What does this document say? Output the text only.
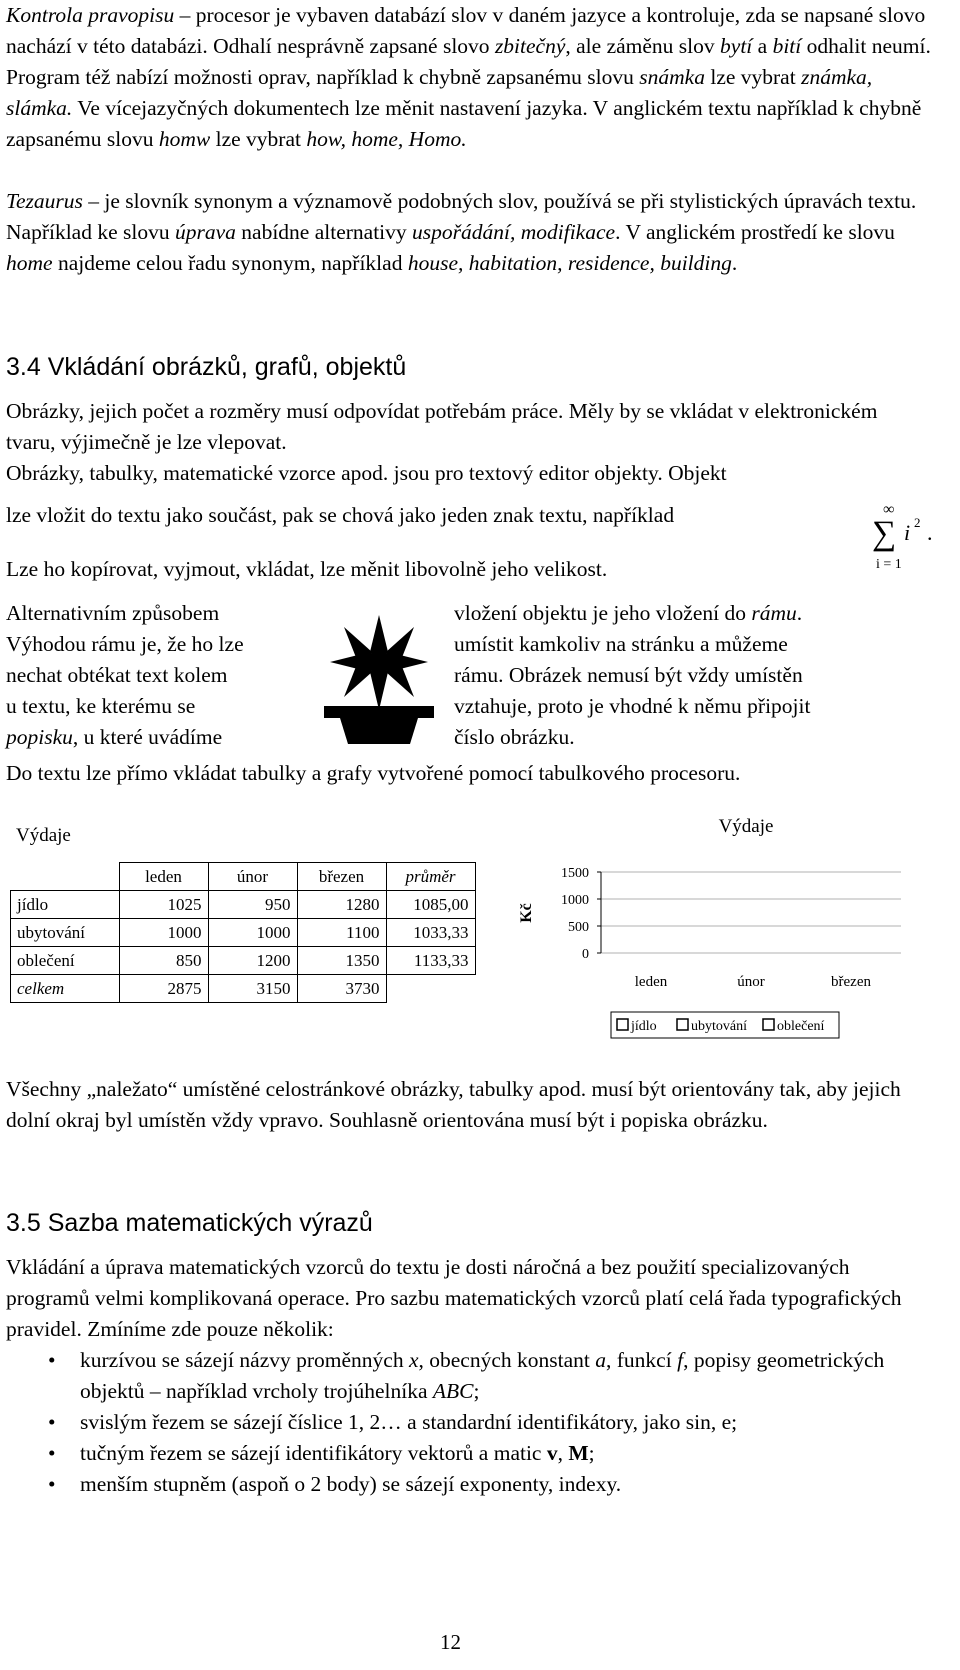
Kontrola pravopisu – procesor je vybaven databází slov v daném jazyce a kontroluje, zda se napsané slovo nachází v této databázi. Odhalí nesprávně zapsané slovo zbitečný, ale záměnu slov bytí a bití odhalit neumí. Program též nabízí možnosti oprav, například k chybně zapsanému slovu snámka lze vybrat známka, slámka. Ve vícejazyčných dokumentech lze měnit nastavení jazyka. V anglickém textu například k chybně zapsanému slovu homw lze vybrat how, home, Homo.

Tezaurus – je slovník synonym a významově podobných slov, používá se při stylistických úpravách textu. Například ke slovu úprava nabídne alternativy uspořádání, modifikace. V anglickém prostředí ke slovu home najdeme celou řadu synonym, například house, habitation, residence, building.

3.4 Vkládání obrázků, grafů, objektů

Obrázky, jejich počet a rozměry musí odpovídat potřebám práce. Měly by se vkládat v elektronickém tvaru, výjimečně je lze vlepovat.

Obrázky, tabulky, matematické vzorce apod. jsou pro textový editor objekty. Objekt

lze vložit do textu jako součást, pak se chová jako jeden znak textu, například	∞
∑ i 2 .
i = 1

Lze ho kopírovat, vyjmout, vkládat, lze měnit libovolně jeho velikost.

Alternativním způsobem

Výhodou rámu je, že ho lze

nechat obtékat text kolem

u textu, ke kterému se

popisku, u které uvádíme

vložení objektu je jeho vložení do rámu.

umístit kamkoliv na stránku a můžeme

rámu. Obrázek nemusí být vždy umístěn

vztahuje, proto je vhodné k němu připojit

číslo obrázku.

Do textu lze přímo vkládat tabulky a grafy vytvořené pomocí tabulkového procesoru.

Výdaje
	leden	únor	březen	průměr
jídlo	1025	950	1280	1085,00
ubytování	1000	1000	1100	1033,33
oblečení	850	1200	1350	1133,33
celkem	2875	3150	3730	
Výdaje
1500
1000
500
0
Kč
leden	únor	březen
jídlo ubytování oblečení

Všechny „naležato“ umístěné celostránkové obrázky, tabulky apod. musí být orientovány tak, aby jejich dolní okraj byl umístěn vždy vpravo. Souhlasně orientována musí být i popiska obrázku.

3.5 Sazba matematických výrazů

Vkládání a úprava matematických vzorců do textu je dosti náročná a bez použití specializovaných programů velmi komplikovaná operace. Pro sazbu matematických vzorců platí celá řada typografických pravidel. Zmíníme zde pouze několik:

• kurzívou se sázejí názvy proměnných x, obecných konstant a, funkcí f, popisy geometrických objektů – například vrcholy trojúhelníka ABC;
• svislým řezem se sázejí číslice 1, 2… a standardní identifikátory, jako sin, e;
• tučným řezem se sázejí identifikátory vektorů a matic v, M;
• menším stupněm (aspoň o 2 body) se sázejí exponenty, indexy.
12
